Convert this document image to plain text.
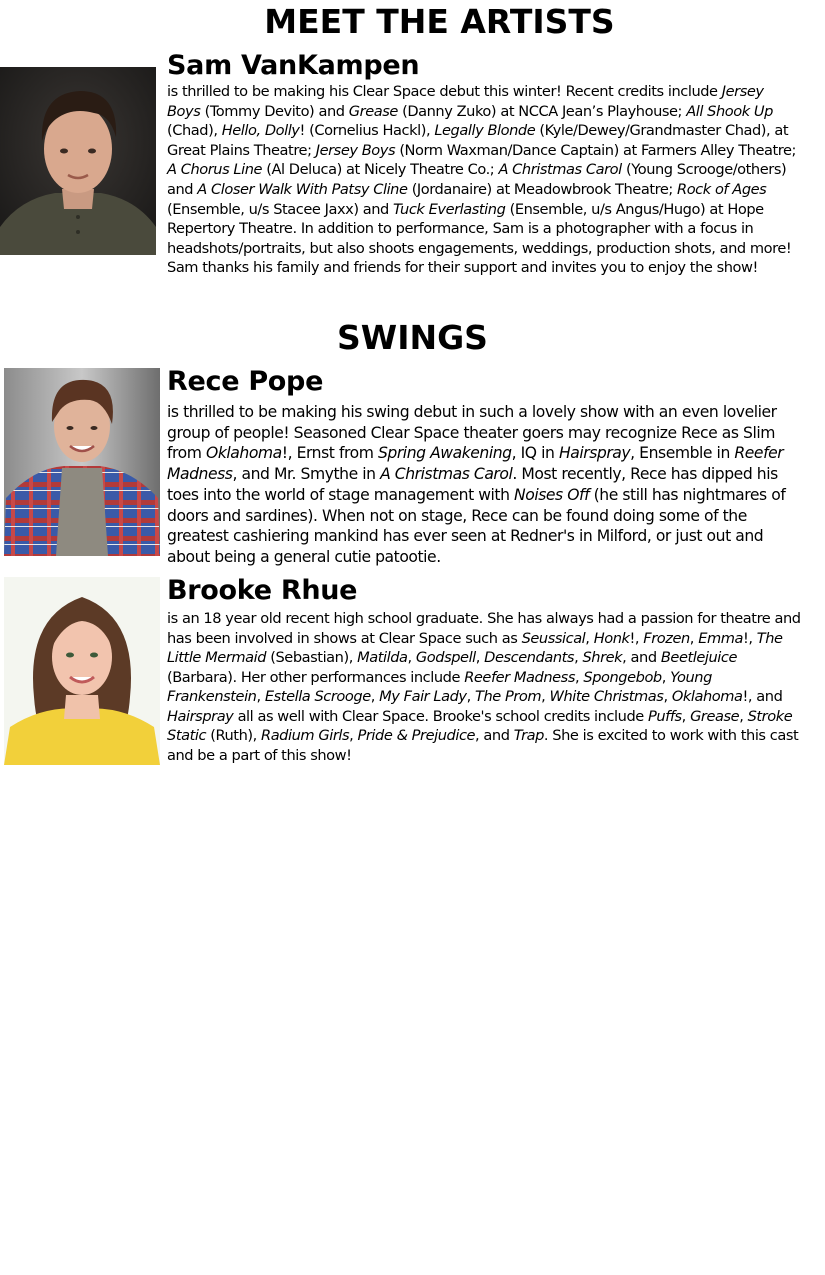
MEET THE ARTISTS
Sam VanKampen

is thrilled to be making his Clear Space debut this winter! Recent credits include Jersey Boys (Tommy Devito) and Grease (Danny Zuko) at NCCA Jean’s Playhouse; All Shook Up (Chad), Hello, Dolly! (Cornelius Hackl), Legally Blonde (Kyle/Dewey/Grandmaster Chad), at Great Plains Theatre; Jersey Boys (Norm Waxman/Dance Captain) at Farmers Alley Theatre; A Chorus Line (Al Deluca) at Nicely Theatre Co.; A Christmas Carol (Young Scrooge/others) and A Closer Walk With Patsy Cline (Jordanaire) at Meadowbrook Theatre; Rock of Ages (Ensemble, u/s Stacee Jaxx) and Tuck Everlasting (Ensemble, u/s Angus/Hugo) at Hope Repertory Theatre. In addition to performance, Sam is a photographer with a focus in headshots/portraits, but also shoots engagements, weddings, production shots, and more! Sam thanks his family and friends for their support and invites you to enjoy the show!

SWINGS
Rece Pope

is thrilled to be making his swing debut in such a lovely show with an even lovelier group of people! Seasoned Clear Space theater goers may recognize Rece as Slim from Oklahoma!, Ernst from Spring Awakening, IQ in Hairspray, Ensemble in Reefer Madness, and Mr. Smythe in A Christmas Carol. Most recently, Rece has dipped his toes into the world of stage management with Noises Off (he still has nightmares of doors and sardines). When not on stage, Rece can be found doing some of the greatest cashiering mankind has ever seen at Redner's in Milford, or just out and about being a general cutie patootie.

Brooke Rhue

is an 18 year old recent high school graduate. She has always had a passion for theatre and has been involved in shows at Clear Space such as Seussical, Honk!, Frozen, Emma!, The Little Mermaid (Sebastian), Matilda, Godspell, Descendants, Shrek, and Beetlejuice (Barbara). Her other performances include Reefer Madness, Spongebob, Young Frankenstein, Estella Scrooge, My Fair Lady, The Prom, White Christmas, Oklahoma!, and Hairspray all as well with Clear Space. Brooke's school credits include Puffs, Grease, Stroke Static (Ruth), Radium Girls, Pride & Prejudice, and Trap. She is excited to work with this cast and be a part of this show!
